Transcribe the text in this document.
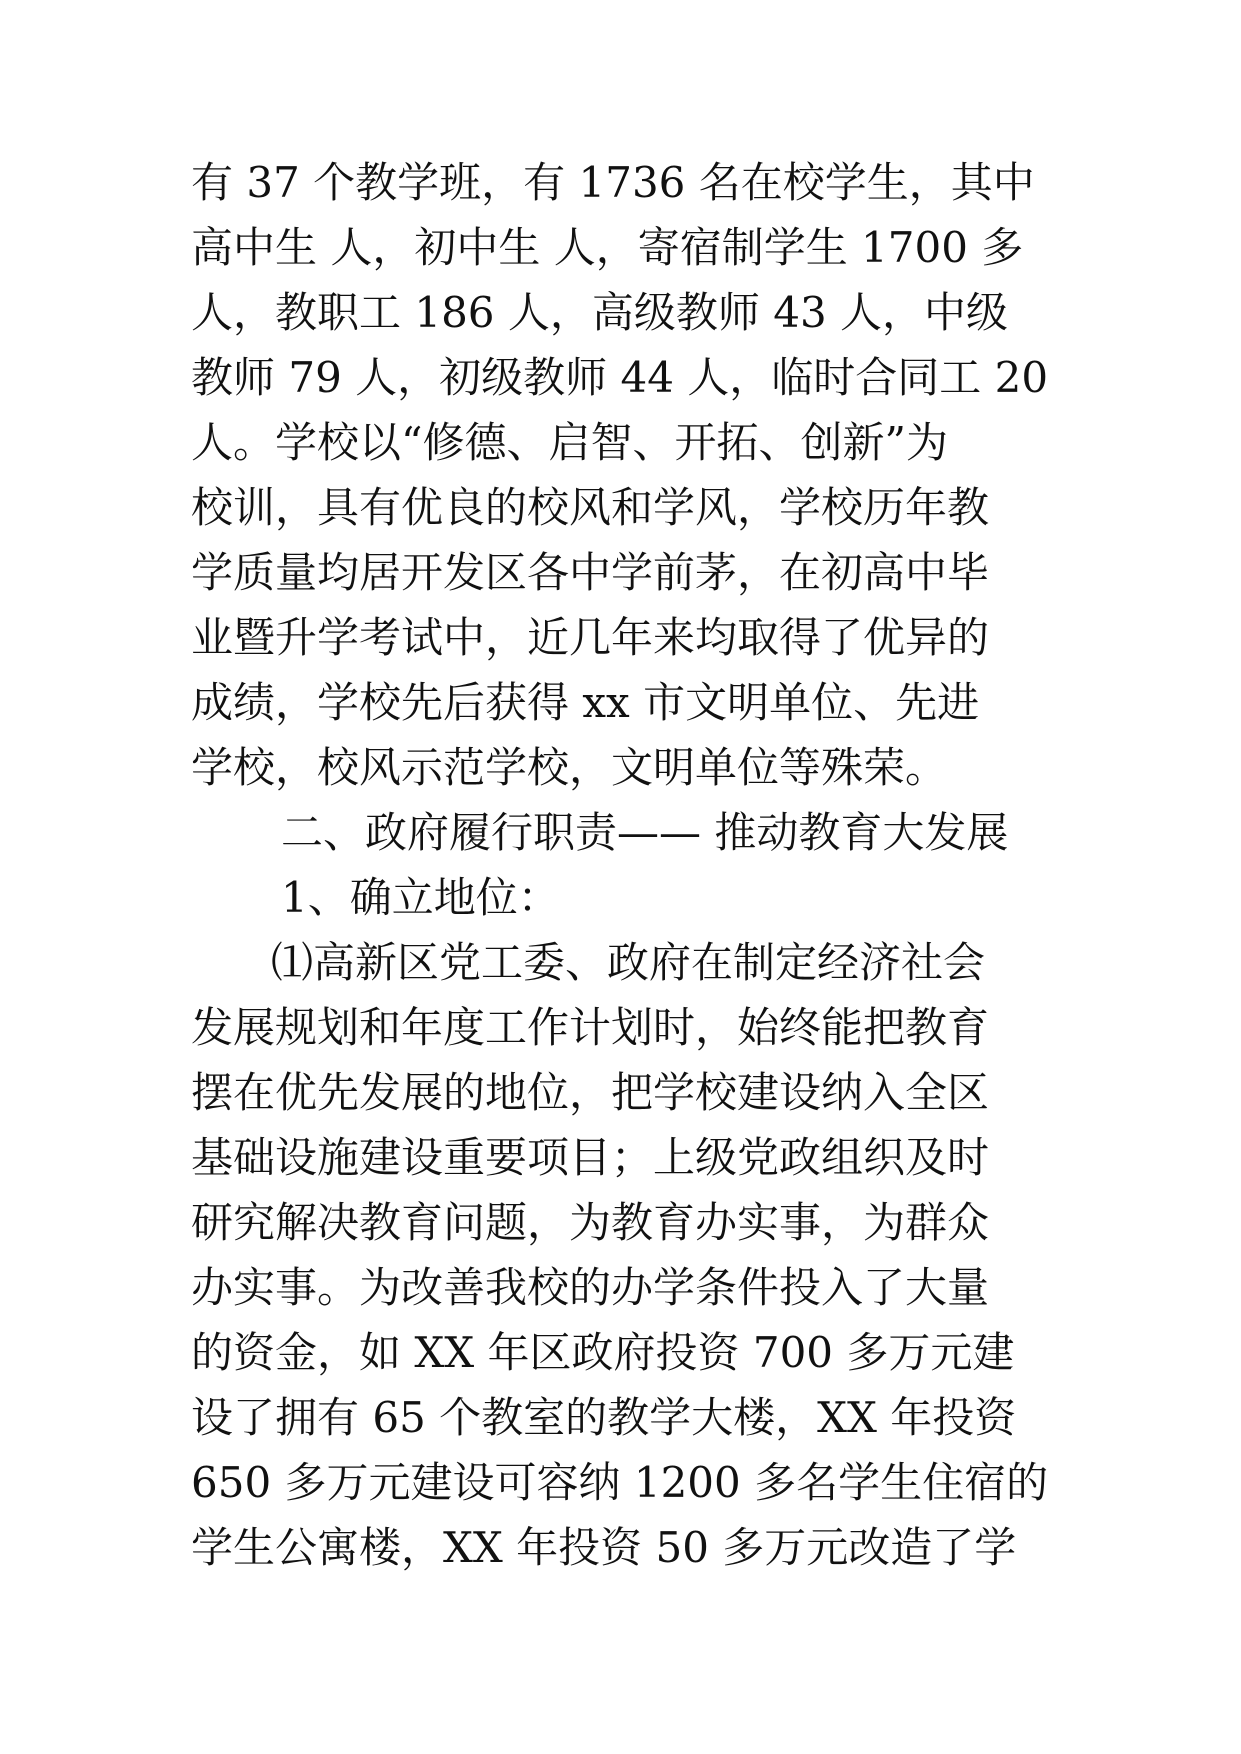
有 37 个教学班，有 1736 名在校学生，其中
高中生 人，初中生 人，寄宿制学生 1700 多
人，教职工 186 人，高级教师 43 人，中级
教师 79 人，初级教师 44 人，临时合同工 20
人。学校以“修德、启智、开拓、创新”为
校训，具有优良的校风和学风，学校历年教
学质量均居开发区各中学前茅，在初高中毕
业暨升学考试中，近几年来均取得了优异的
成绩，学校先后获得 xx 市文明单位、先进
学校，校风示范学校，文明单位等殊荣。
二、政府履行职责—— 推动教育大发展
1、确立地位：
⑴高新区党工委、政府在制定经济社会
发展规划和年度工作计划时，始终能把教育
摆在优先发展的地位，把学校建设纳入全区
基础设施建设重要项目；上级党政组织及时
研究解决教育问题，为教育办实事，为群众
办实事。为改善我校的办学条件投入了大量
的资金，如 XX 年区政府投资 700 多万元建
设了拥有 65 个教室的教学大楼，XX 年投资
650 多万元建设可容纳 1200 多名学生住宿的
学生公寓楼，XX 年投资 50 多万元改造了学
